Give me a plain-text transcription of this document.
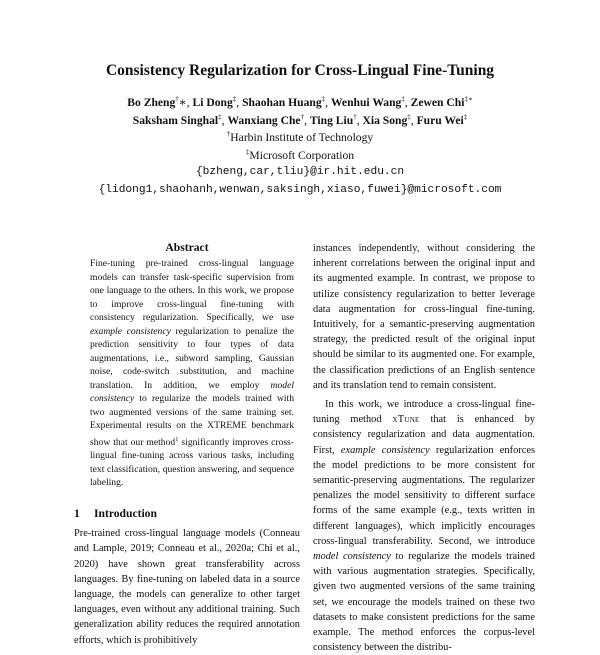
Consistency Regularization for Cross-Lingual Fine-Tuning
Bo Zheng†∗, Li Dong‡, Shaohan Huang‡, Wenhui Wang‡, Zewen Chi‡∗
Saksham Singhal‡, Wanxiang Che†, Ting Liu†, Xia Song‡, Furu Wei‡
†Harbin Institute of Technology
‡Microsoft Corporation
{bzheng,car,tliu}@ir.hit.edu.cn
{lidong1,shaohanh,wenwan,saksingh,xiaso,fuwei}@microsoft.com
Abstract
Fine-tuning pre-trained cross-lingual language models can transfer task-specific supervision from one language to the others. In this work, we propose to improve cross-lingual fine-tuning with consistency regularization. Specifically, we use example consistency regularization to penalize the prediction sensitivity to four types of data augmentations, i.e., subword sampling, Gaussian noise, code-switch substitution, and machine translation. In addition, we employ model consistency to regularize the models trained with two augmented versions of the same training set. Experimental results on the XTREME benchmark show that our method$^1$ significantly improves cross-lingual fine-tuning across various tasks, including text classification, question answering, and sequence labeling.
1 Introduction

Pre-trained cross-lingual language models (Conneau and Lample, 2019; Conneau et al., 2020a; Chi et al., 2020) have shown great transferability across languages. By fine-tuning on labeled data in a source language, the models can generalize to other target languages, even without any additional training. Such generalization ability reduces the required annotation efforts, which is prohibitively

instances independently, without considering the inherent correlations between the original input and its augmented example. In contrast, we propose to utilize consistency regularization to better leverage data augmentation for cross-lingual fine-tuning. Intuitively, for a semantic-preserving augmentation strategy, the predicted result of the original input should be similar to its augmented one. For example, the classification predictions of an English sentence and its translation tend to remain consistent.

In this work, we introduce a cross-lingual fine-tuning method xTune that is enhanced by consistency regularization and data augmentation. First, example consistency regularization enforces the model predictions to be more consistent for semantic-preserving augmentations. The regularizer penalizes the model sensitivity to different surface forms of the same example (e.g., texts written in different languages), which implicitly encourages cross-lingual transferability. Second, we introduce model consistency to regularize the models trained with various augmentation strategies. Specifically, given two augmented versions of the same training set, we encourage the models trained on these two datasets to make consistent predictions for the same example. The method enforces the corpus-level consistency between the distribu-
